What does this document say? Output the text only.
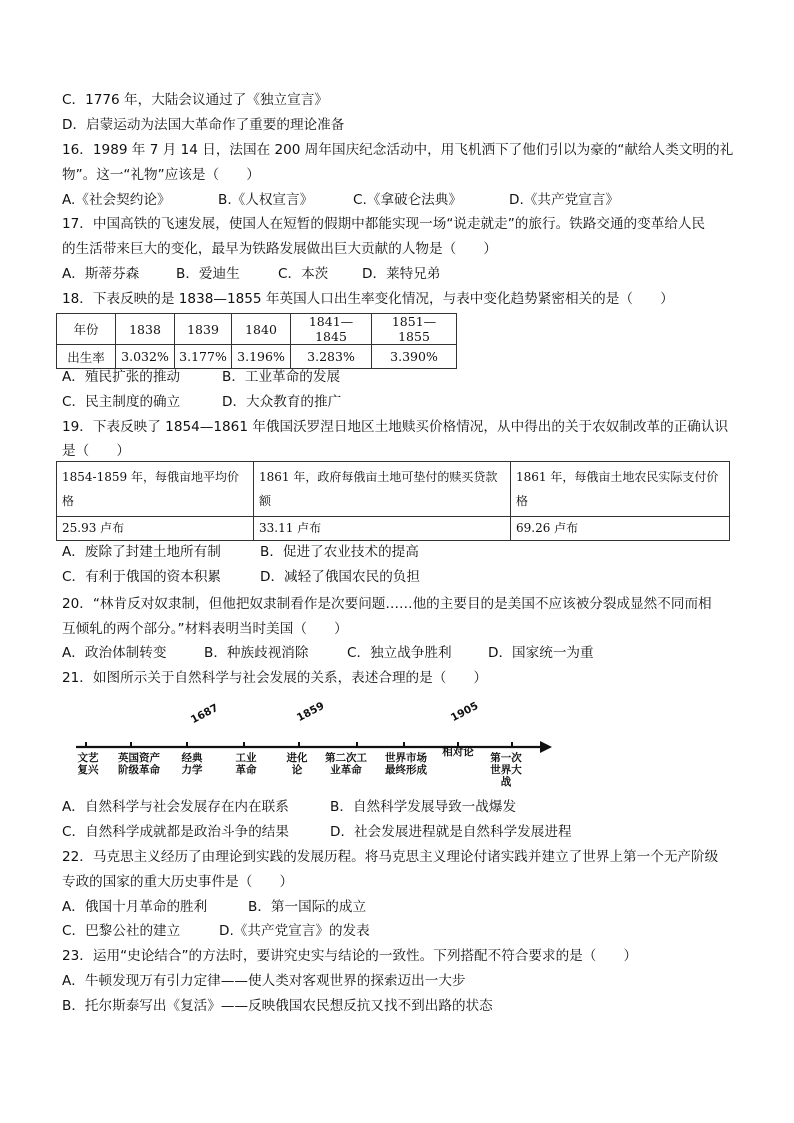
C．1776 年，大陆会议通过了《独立宣言》
D．启蒙运动为法国大革命作了重要的理论准备
16．1989 年 7 月 14 日，法国在 200 周年国庆纪念活动中，用飞机洒下了他们引以为豪的“献给人类文明的礼
物”。这一“礼物”应该是（　　）
A.《社会契约论》	B.《人权宣言》	C.《拿破仑法典》	D.《共产党宣言》
17．中国高铁的飞速发展，使国人在短暂的假期中都能实现一场“说走就走”的旅行。铁路交通的变革给人民
的生活带来巨大的变化，最早为铁路发展做出巨大贡献的人物是（　　）
A．斯蒂芬森	B．爱迪生	C．本茨 D．莱特兄弟
18．下表反映的是 1838—1855 年英国人口出生率变化情况，与表中变化趋势紧密相关的是（　　）
年份	1838	1839	1840	1841—1845	1851—1855
出生率	3.032%	3.177%	3.196%	3.283%	3.390%
A．殖民扩张的推动	B．工业革命的发展
C．民主制度的确立	D．大众教育的推广
19．下表反映了 1854—1861 年俄国沃罗涅日地区土地赎买价格情况，从中得出的关于农奴制改革的正确认识
是（　　）
1854-1859 年，每俄亩地平均价格	1861 年，政府每俄亩土地可垫付的赎买贷款额	1861 年，每俄亩土地农民实际支付价格
25.93 卢布	33.11 卢布	69.26 卢布
A．废除了封建土地所有制	B．促进了农业技术的提高
C．有利于俄国的资本积累	D．减轻了俄国农民的负担
20．“林肯反对奴隶制，但他把奴隶制看作是次要问题……他的主要目的是美国不应该被分裂成显然不同而相
互倾轧的两个部分。”材料表明当时美国（　　）
A．政治体制转变	B．种族歧视消除	C．独立战争胜利	D．国家统一为重
21．如图所示关于自然科学与社会发展的关系，表述合理的是（　　）
1687	1859	1905
文艺复兴
英国资产阶级革命
经典力学
工业革命
进化论
第二次工业革命
世界市场最终形成
相对论	第一次世界大战
A．自然科学与社会发展存在内在联系	B．自然科学发展导致一战爆发
C．自然科学成就都是政治斗争的结果	D．社会发展进程就是自然科学发展进程
22．马克思主义经历了由理论到实践的发展历程。将马克思主义理论付诸实践并建立了世界上第一个无产阶级
专政的国家的重大历史事件是（　　）
A．俄国十月革命的胜利	B．第一国际的成立
C．巴黎公社的建立	D.《共产党宣言》的发表
23．运用“史论结合”的方法时，要讲究史实与结论的一致性。下列搭配不符合要求的是（　　）
A．牛顿发现万有引力定律——使人类对客观世界的探索迈出一大步
B．托尔斯泰写出《复活》——反映俄国农民想反抗又找不到出路的状态
